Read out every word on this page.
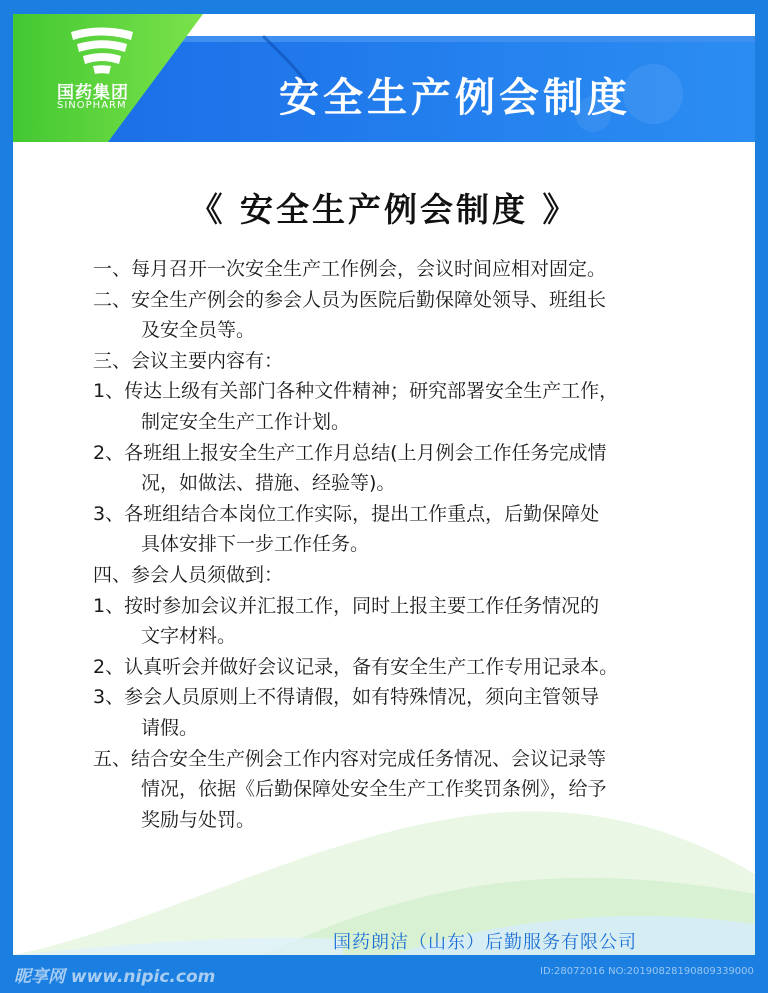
国药集团
SINOPHARM	安全生产例会制度
《 安全生产例会制度 》
一、每月召开一次安全生产工作例会，会议时间应相对固定。
二、安全生产例会的参会人员为医院后勤保障处领导、班组长
及安全员等。
三、会议主要内容有：
1、传达上级有关部门各种文件精神；研究部署安全生产工作，
制定安全生产工作计划。
2、各班组上报安全生产工作月总结(上月例会工作任务完成情
况，如做法、措施、经验等)。
3、各班组结合本岗位工作实际，提出工作重点，后勤保障处
具体安排下一步工作任务。
四、参会人员须做到：
1、按时参加会议并汇报工作，同时上报主要工作任务情况的
文字材料。
2、认真听会并做好会议记录，备有安全生产工作专用记录本。
3、参会人员原则上不得请假，如有特殊情况，须向主管领导
请假。
五、结合安全生产例会工作内容对完成任务情况、会议记录等
情况，依据《后勤保障处安全生产工作奖罚条例》，给予
奖励与处罚。
国药朗洁（山东）后勤服务有限公司
昵享网 www.nipic.com	ID:28072016 NO:20190828190809339000
